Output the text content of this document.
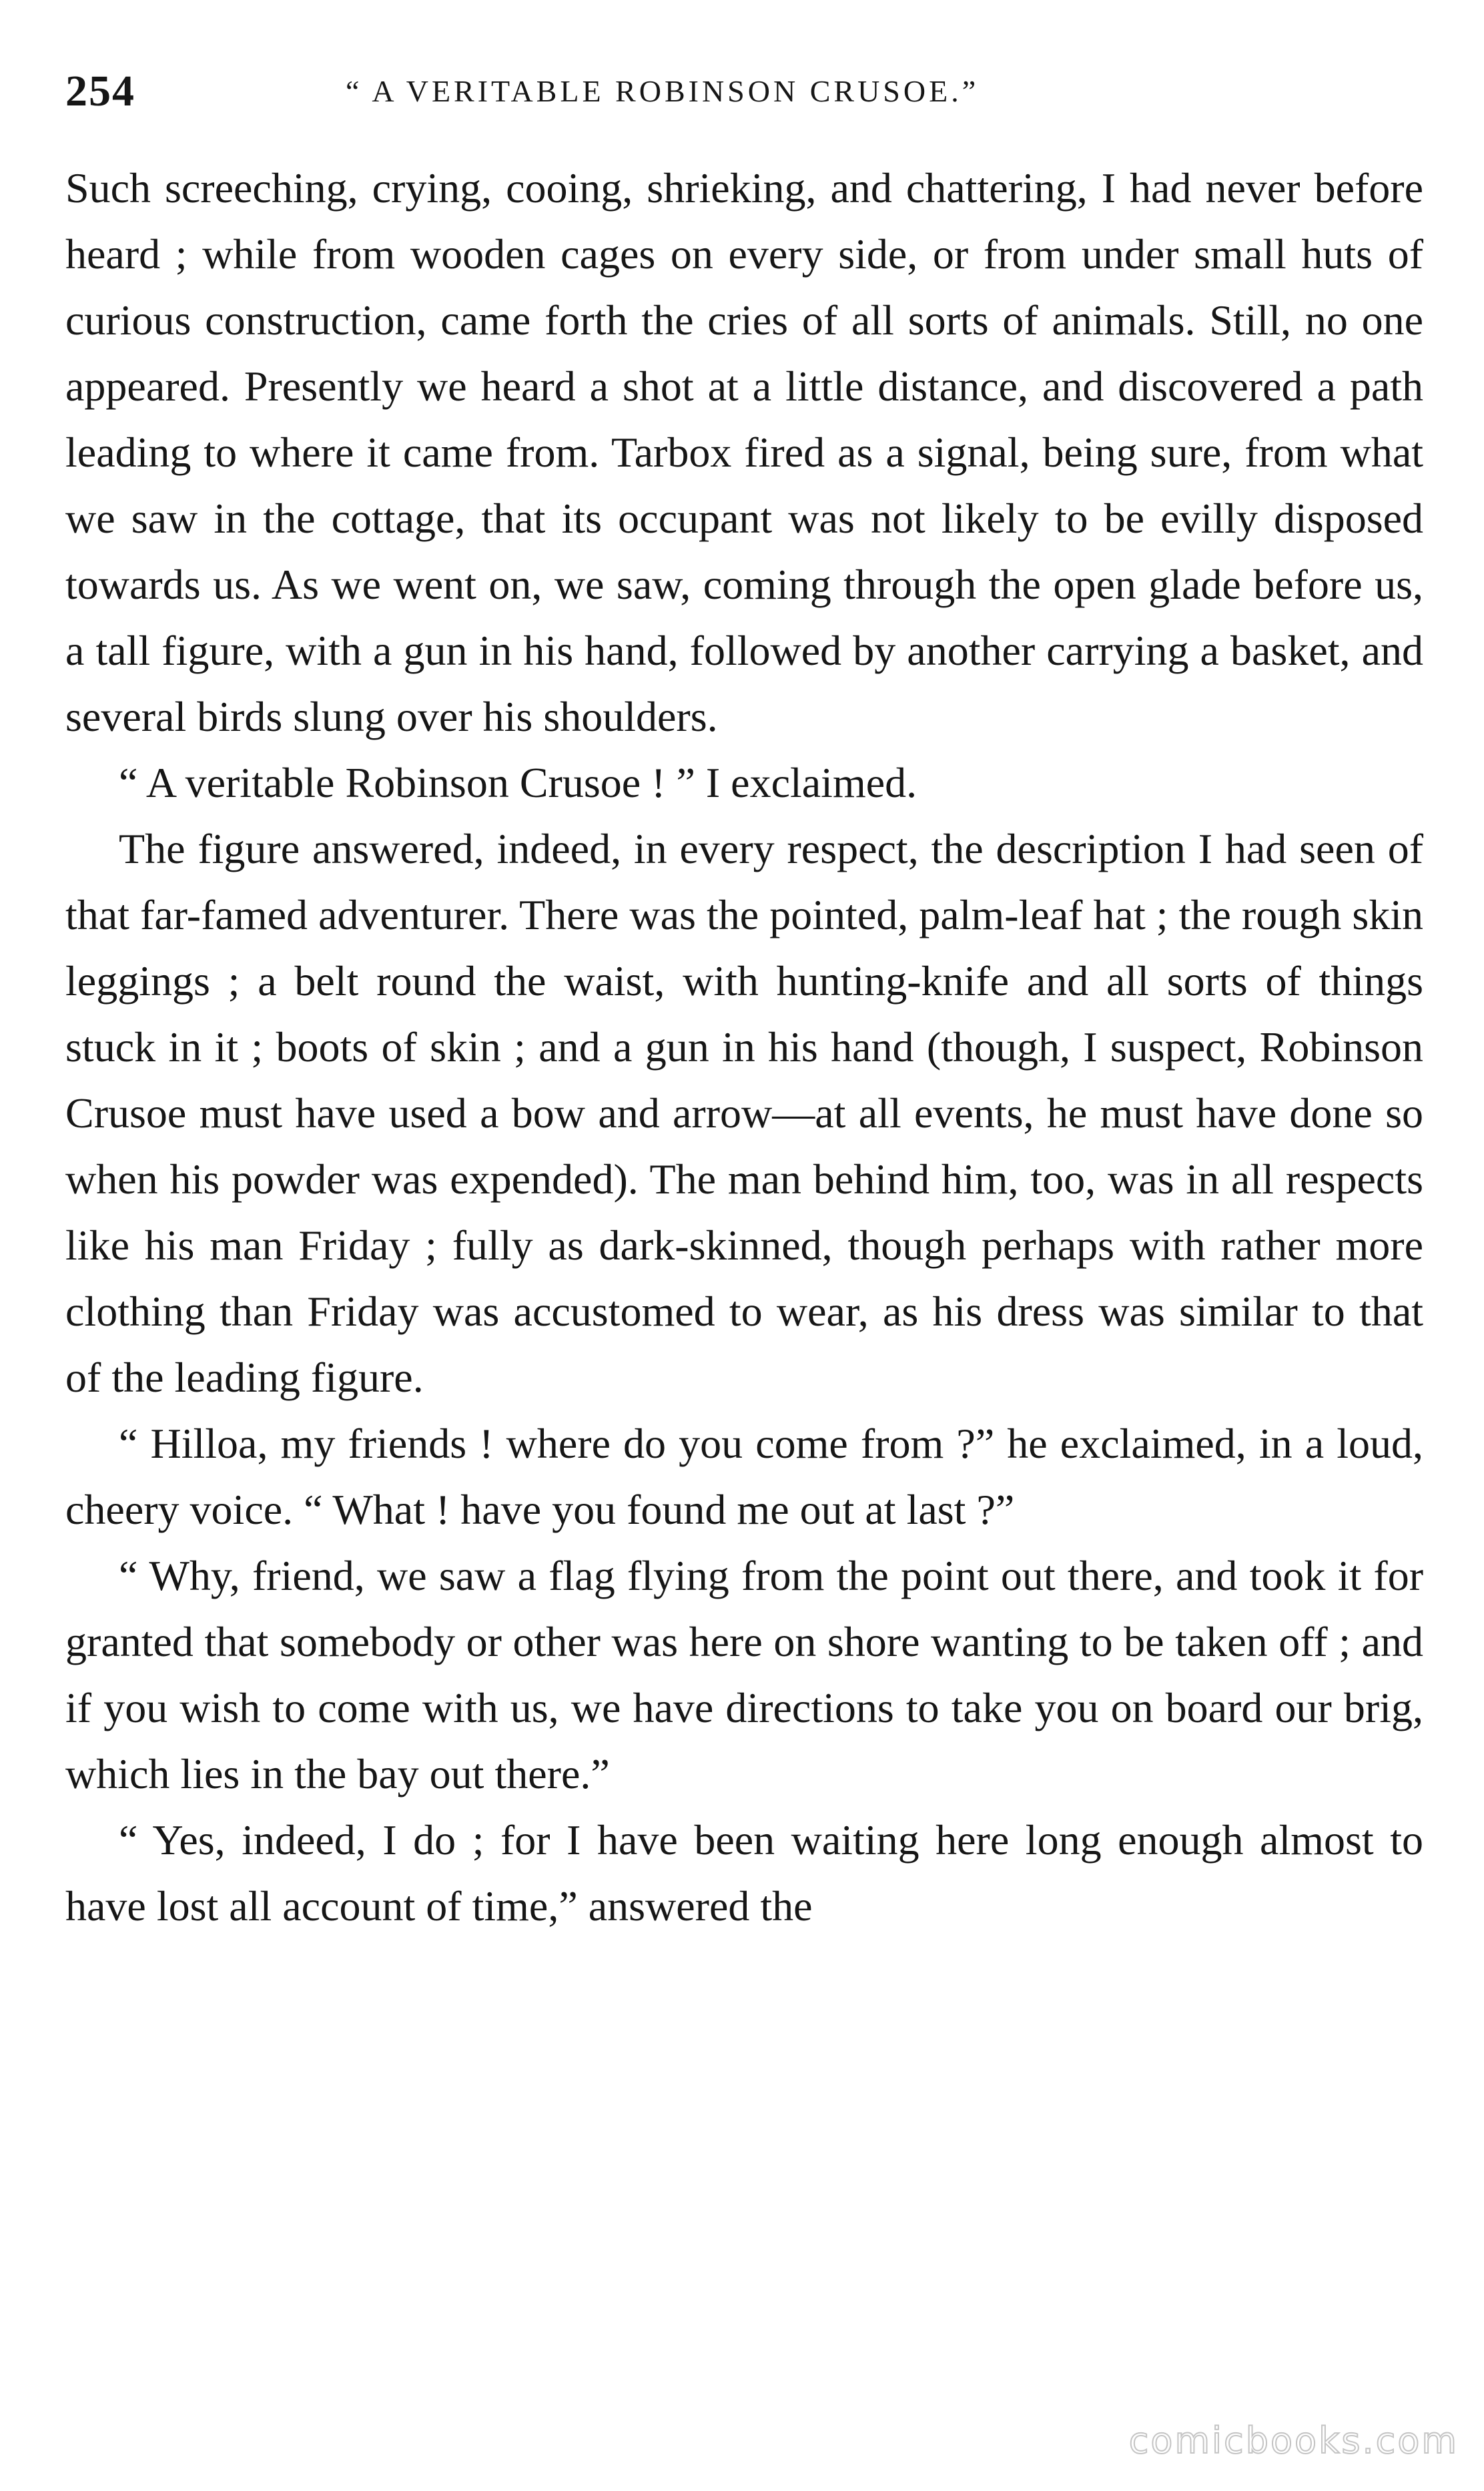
254	“ A VERITABLE ROBINSON CRUSOE.”

Such screeching, crying, cooing, shrieking, and chattering, I had never before heard ; while from wooden cages on every side, or from under small huts of curious construction, came forth the cries of all sorts of animals. Still, no one appeared. Presently we heard a shot at a little distance, and discovered a path leading to where it came from. Tarbox fired as a signal, being sure, from what we saw in the cottage, that its occupant was not likely to be evilly disposed towards us. As we went on, we saw, coming through the open glade before us, a tall figure, with a gun in his hand, followed by another carrying a basket, and several birds slung over his shoulders.

“ A veritable Robinson Crusoe ! ” I exclaimed.

The figure answered, indeed, in every respect, the description I had seen of that far-famed adventurer. There was the pointed, palm-leaf hat ; the rough skin leggings ; a belt round the waist, with hunting-knife and all sorts of things stuck in it ; boots of skin ; and a gun in his hand (though, I suspect, Robinson Crusoe must have used a bow and arrow—at all events, he must have done so when his powder was expended). The man behind him, too, was in all respects like his man Friday ; fully as dark-skinned, though perhaps with rather more clothing than Friday was accustomed to wear, as his dress was similar to that of the leading figure.

“ Hilloa, my friends ! where do you come from ?” he exclaimed, in a loud, cheery voice. “ What ! have you found me out at last ?”

“ Why, friend, we saw a flag flying from the point out there, and took it for granted that somebody or other was here on shore wanting to be taken off ; and if you wish to come with us, we have directions to take you on board our brig, which lies in the bay out there.”

“ Yes, indeed, I do ; for I have been waiting here long enough almost to have lost all account of time,” answered the

comicbooks.com
